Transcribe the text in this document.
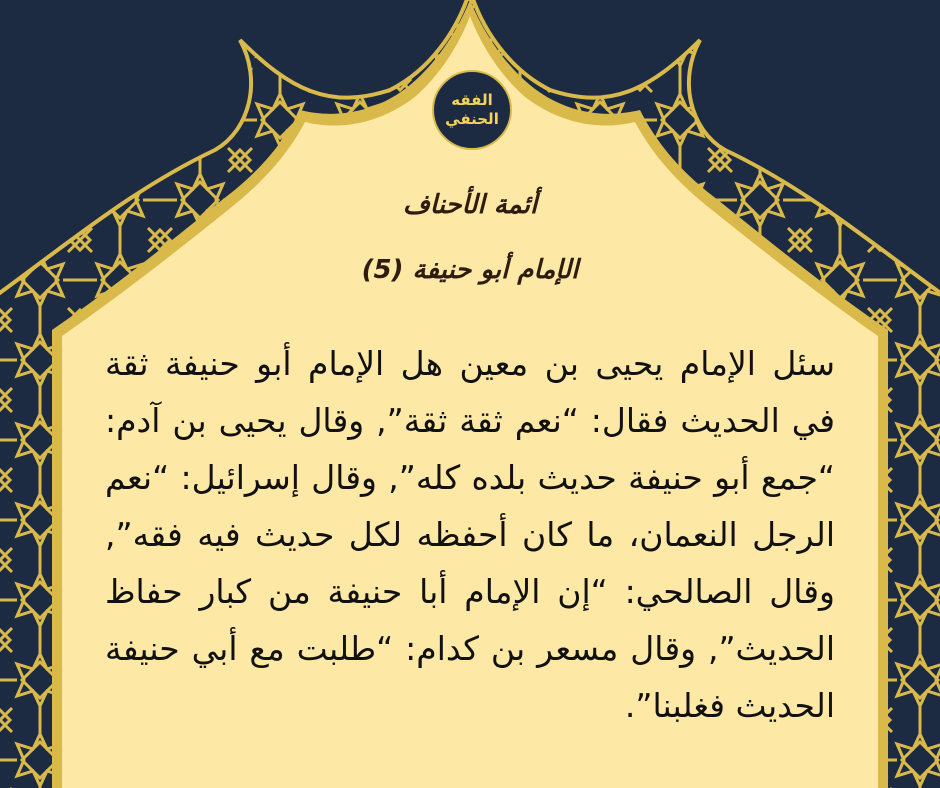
الفقه
الحنفي
أئمة الأحناف
الإمام أبو حنيفة (5)
سئل الإمام يحيى بن معين هل الإمام أبو حنيفة ثقة في الحديث فقال: “نعم ثقة ثقة”, وقال يحيى بن آدم: “جمع أبو حنيفة حديث بلده كله”, وقال إسرائيل: “نعم الرجل النعمان، ما كان أحفظه لكل حديث فيه فقه”, وقال الصالحي: “إن الإمام أبا حنيفة من كبار حفاظ الحديث”, وقال مسعر بن كدام: “طلبت مع أبي حنيفة الحديث فغلبنا”.
